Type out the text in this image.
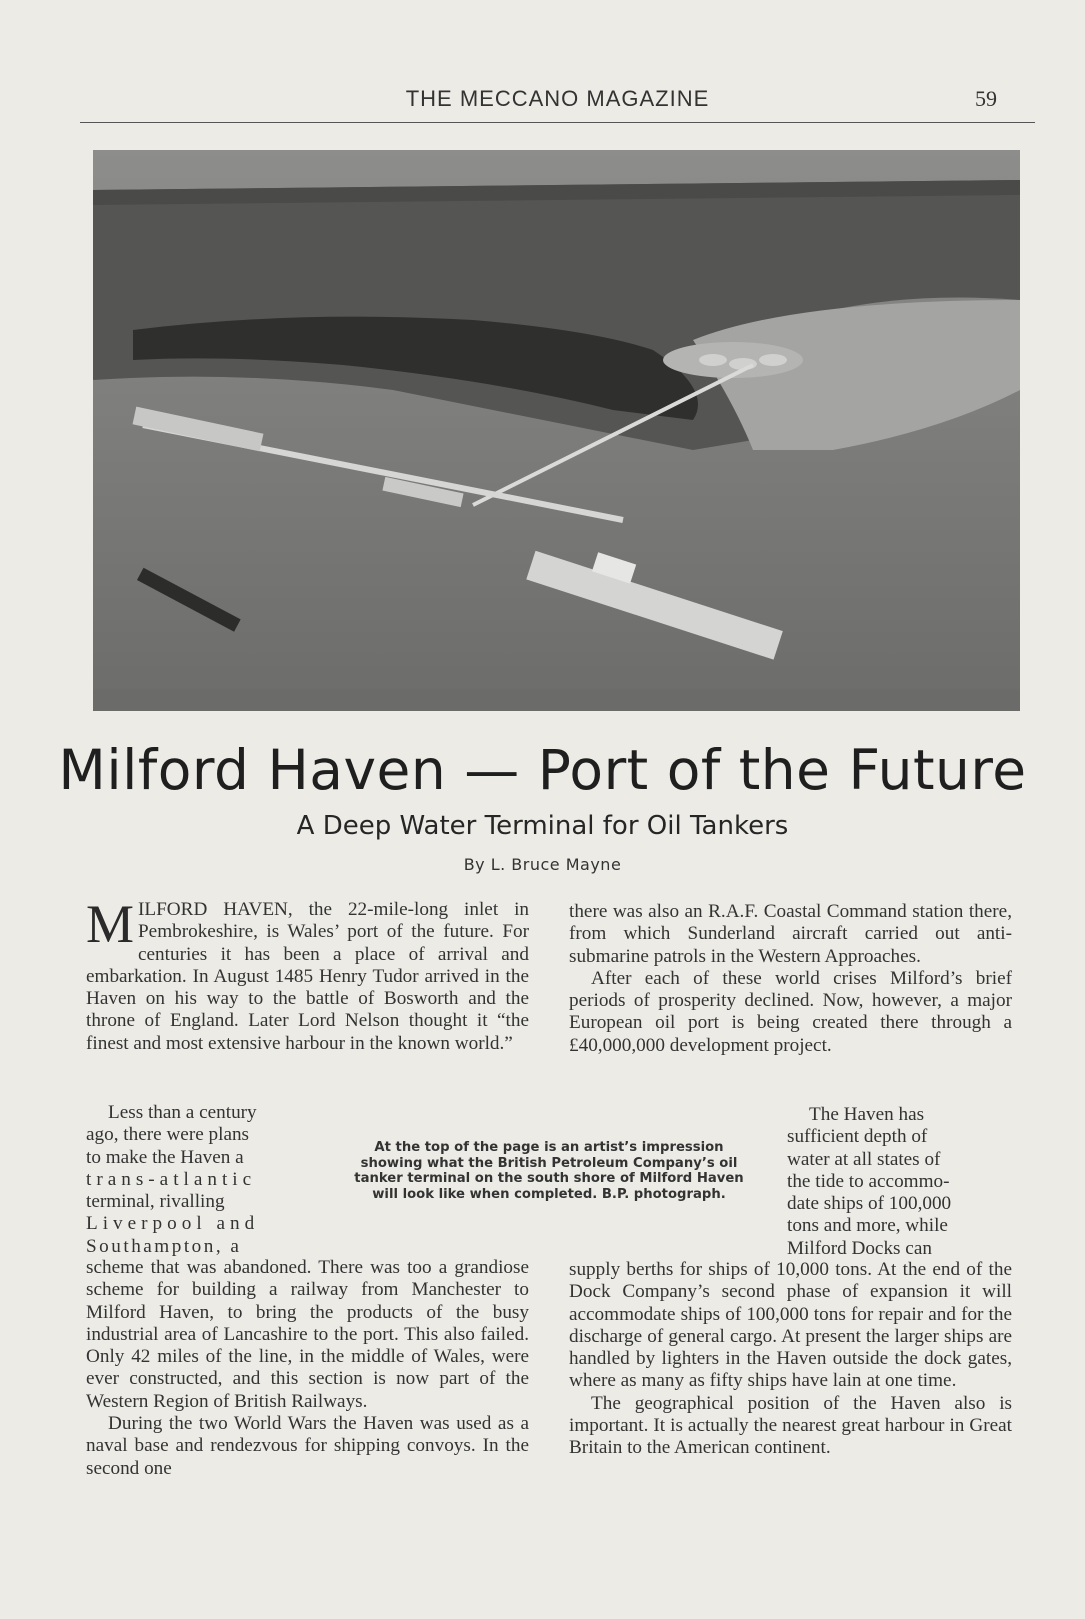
THE MECCANO MAGAZINE	59
Milford Haven — Port of the Future
A Deep Water Terminal for Oil Tankers
By L. Bruce Mayne

MILFORD HAVEN, the 22-mile-long inlet in Pembrokeshire, is Wales’ port of the future. For centuries it has been a place of arrival and embarkation. In August 1485 Henry Tudor arrived in the Haven on his way to the battle of Bosworth and the throne of England. Later Lord Nelson thought it “the finest and most extensive harbour in the known world.”

Less than a century
ago, there were plans
to make the Haven a
trans-atlantic
terminal, rivalling
Liverpool and
Southampton, a
At the top of the page is an artist’s impression showing what the British Petroleum Company’s oil tanker terminal on the south shore of Milford Haven will look like when completed. B.P. photograph.

scheme that was abandoned. There was too a grandiose scheme for building a railway from Manchester to Milford Haven, to bring the products of the busy industrial area of Lancashire to the port. This also failed. Only 42 miles of the line, in the middle of Wales, were ever constructed, and this section is now part of the Western Region of British Railways.

During the two World Wars the Haven was used as a naval base and rendezvous for shipping convoys. In the second one

there was also an R.A.F. Coastal Command station there, from which Sunderland aircraft carried out anti-submarine patrols in the Western Approaches.

After each of these world crises Milford’s brief periods of prosperity declined. Now, however, a major European oil port is being created there through a £40,000,000 development project.

The Haven has
sufficient depth of
water at all states of
the tide to accommo-
date ships of 100,000
tons and more, while
Milford Docks can

supply berths for ships of 10,000 tons. At the end of the Dock Company’s second phase of expansion it will accommodate ships of 100,000 tons for repair and for the discharge of general cargo. At present the larger ships are handled by lighters in the Haven outside the dock gates, where as many as fifty ships have lain at one time.

The geographical position of the Haven also is important. It is actually the nearest great harbour in Great Britain to the American continent.
